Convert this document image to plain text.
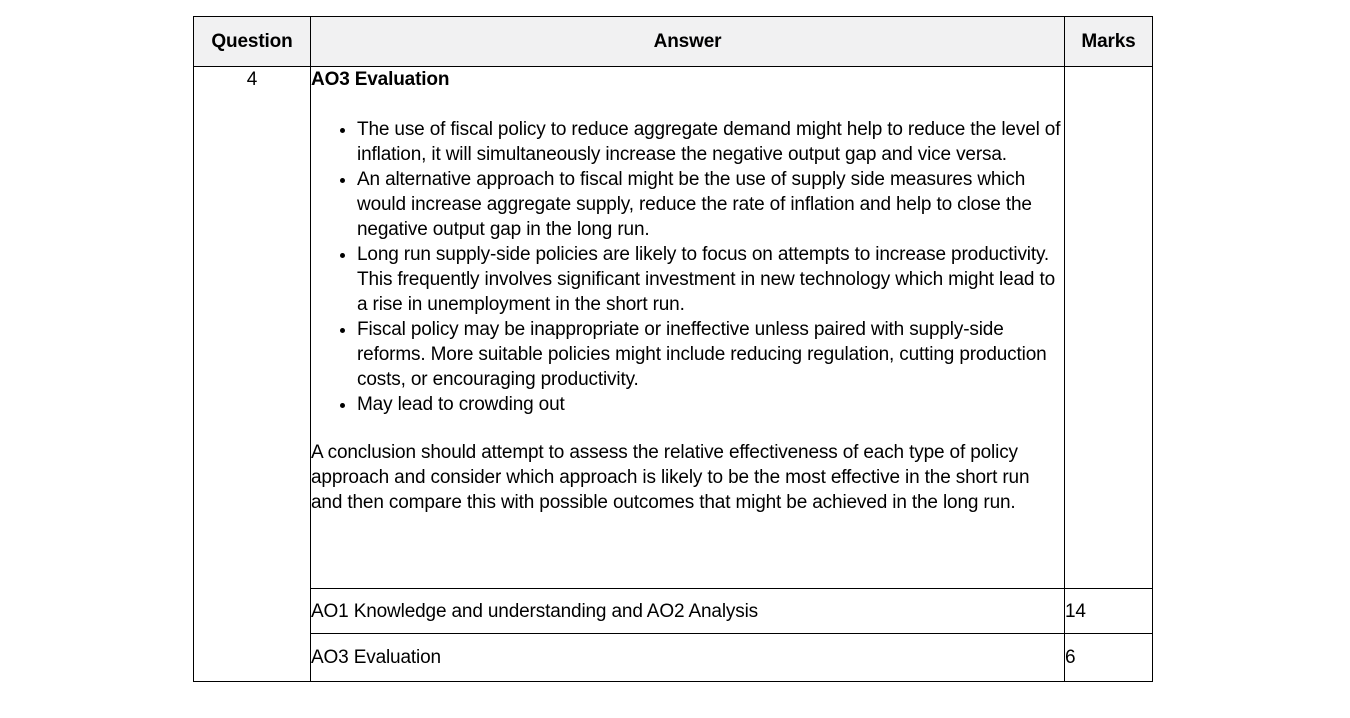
Question	Answer	Marks
4	AO3 Evaluation

• The use of fiscal policy to reduce aggregate demand might help to reduce the level of inflation, it will simultaneously increase the negative output gap and vice versa.
• An alternative approach to fiscal might be the use of supply side measures which would increase aggregate supply, reduce the rate of inflation and help to close the negative output gap in the long run.
• Long run supply-side policies are likely to focus on attempts to increase productivity. This frequently involves significant investment in new technology which might lead to a rise in unemployment in the short run.
• Fiscal policy may be inappropriate or ineffective unless paired with supply-side reforms. More suitable policies might include reducing regulation, cutting production costs, or encouraging productivity.
• May lead to crowding out

A conclusion should attempt to assess the relative effectiveness of each type of policy approach and consider which approach is likely to be the most effective in the short run and then compare this with possible outcomes that might be achieved in the long run.

	AO1 Knowledge and understanding and AO2 Analysis	14
	AO3 Evaluation	6
